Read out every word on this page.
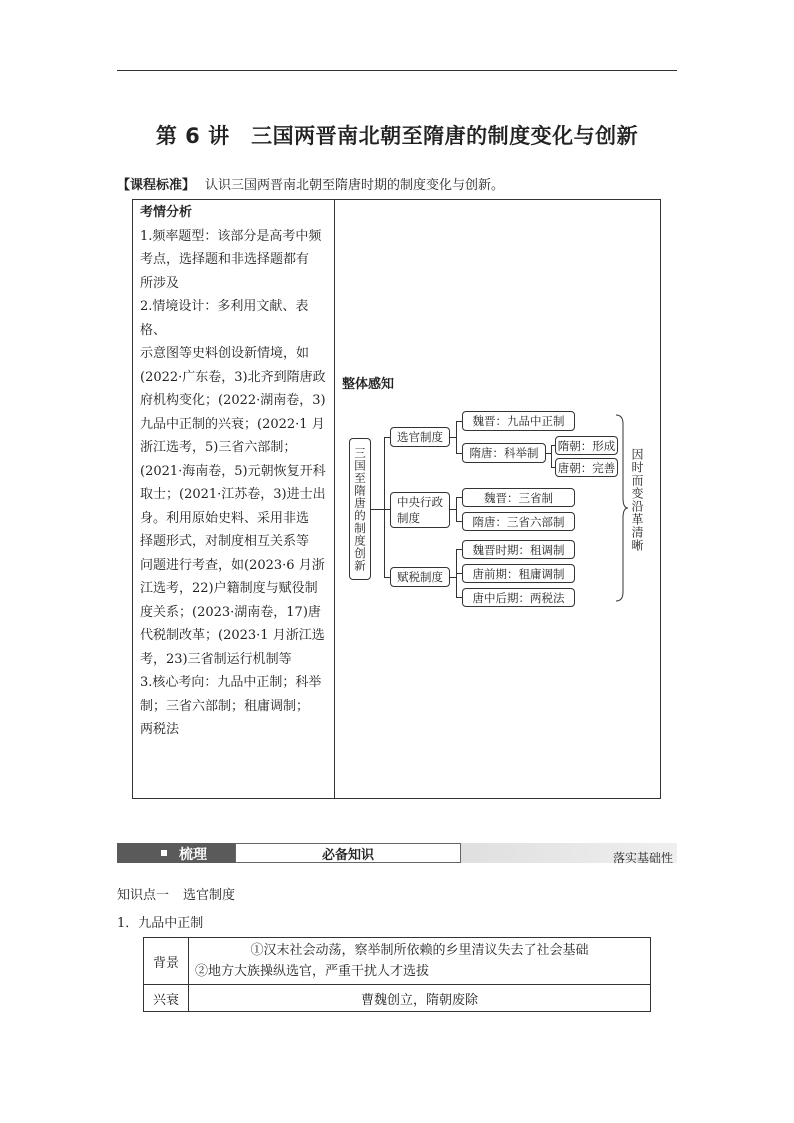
第 6 讲　三国两晋南北朝至隋唐的制度变化与创新
【课程标准】 认识三国两晋南北朝至隋唐时期的制度变化与创新。

考情分析

1.频率题型：该部分是高考中频

考点，选择题和非选择题都有

所涉及

2.情境设计：多利用文献、表格、

示意图等史料创设新情境，如

(2022·广东卷，3)北齐到隋唐政

府机构变化；(2022·湖南卷，3)

九品中正制的兴衰；(2022·1 月

浙江选考，5)三省六部制；

(2021·海南卷，5)元朝恢复开科

取士；(2021·江苏卷，3)进士出

身。利用原始史料、采用非选

择题形式，对制度相互关系等

问题进行考查，如(2023·6 月浙

江选考，22)户籍制度与赋役制

度关系；(2023·湖南卷，17)唐

代税制改革；(2023·1 月浙江选

考，23)三省制运行机制等

3.核心考向：九品中正制；科举

制；三省六部制；租庸调制；

两税法

整体感知
三国至隋唐的制度创新
选官制度
中央行政制度
赋税制度
魏晋：九品中正制
隋唐：科举制
隋朝：形成
唐朝：完善
魏晋：三省制
隋唐：三省六部制
魏晋时期：租调制
唐前期：租庸调制
唐中后期：两税法
因时而变沿革清晰
梳理	必备知识	落实基础性
知识点一 选官制度
1．九品中正制
背景	①汉末社会动荡，察举制所依赖的乡里清议失去了社会基础
②地方大族操纵选官，严重干扰人才选拔

兴衰	曹魏创立，隋朝废除
